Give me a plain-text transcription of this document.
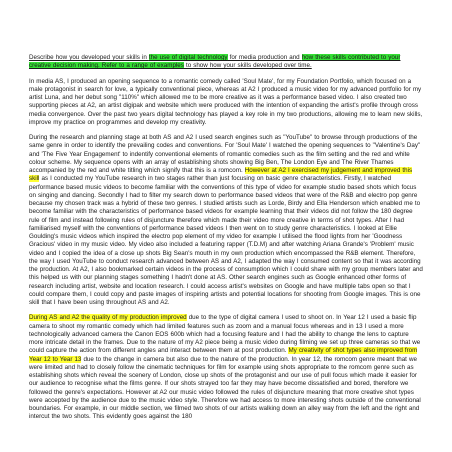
Describe how you developed your skills in the use of digital technology for media production and how these skills contributed to your creative decision making. Refer to a range of examples to show how your skills developed over time.

In media AS, I produced an opening sequence to a romantic comedy called 'Soul Mate', for my Foundation Portfolio, which focused on a male protagonist in search for love, a typically conventional piece, whereas at A2 I produced a music video for my advanced portfolio for my artist Luna, and her debut song "110%" which allowed me to be more creative as it was a performance based video. I also created two supporting pieces at A2, an artist digipak and website which were produced with the intention of expanding the artist's profile through cross media convergence. Over the past two years digital technology has played a key role in my two productions, allowing me to learn new skills, improve my practice on programmes and develop my creativity.

During the research and planning stage at both AS and A2 I used search engines such as "YouTube" to browse through productions of the same genre in order to identify the prevailing codes and conventions. For 'Soul Mate' I watched the opening sequences to "Valentine's Day" and 'The Five Year Engagement' to indentify conventional elements of romantic comedies such as the film setting and the red and white colour scheme. My sequence opens with an array of establishing shots showing Big Ben, The London Eye and The River Thames accompanied by the red and white titling which signify that this is a romcom. However at A2 I exercised my judgement and improved this skill as I conducted my YouTube research in two stages rather than just focusing on basic genre characteristics. Firstly, I watched performance based music videos to become familiar with the conventions of this type of video for example studio based shots which focus on singing and dancing. Secondly I had to filter my search down to performance based videos that were of the R&B and electro pop genre because my chosen track was a hybrid of these two genres. I studied artists such as Lorde, Birdy and Ella Henderson which enabled me to become familiar with the characteristics of performance based videos for example learning that their videos did not follow the 180 degree rule of film and instead following rules of disjuncture therefore which made their video more creative in terms of shot types. After I had familiarised myself with the conventions of performance based videos I then went on to study genre characteristics. I looked at Ellie Goulding's music videos which inspired the electro pop element of my video for example I utilised the flood lights from her 'Goodness Gracious' video in my music video. My video also included a featuring rapper (T.D.M) and after watching Ariana Grande's 'Problem' music video and I copied the idea of a close up shots Big Sean's mouth in my own production which encompassed the R&B element. Therefore, the way I used YouTube to conduct research advanced between AS and A2, I adapted the way I consumed content so that it was according the production. At A2, I also bookmarked certain videos in the process of consumption which I could share with my group members later and this helped us with our planning stages something I hadn't done at AS. Other search engines such as Google enhanced other forms of research including artist, website and location research. I could access artist's websites on Google and have multiple tabs open so that I could compare them, I could copy and paste images of inspiring artists and potential locations for shooting from Google images. This is one skill that I have been using throughout AS and A2.

During AS and A2 the quality of my production improved due to the type of digital camera I used to shoot on. In Year 12 I used a basic flip camera to shoot my romantic comedy which had limited features such as zoom and a manual focus whereas and in 13 I used a more technologically advanced camera the Canon EOS 600b which had a focusing feature and I had the ability to change the lens to capture more intricate detail in the frames. Due to the nature of my A2 piece being a music video during filming we set up three cameras so that we could capture the action from different angles and interact between them at post production. My creativity of shot types also improved from Year 12 to Year 13 due to the change in camera but also due to the nature of the production. In year 12, the romcom genre meant that we were limited and had to closely follow the cinematic techniques for film for example using shots appropriate to the romcom genre such as establishing shots which reveal the scenery of London, close up shots of the protagonist and our use of pull focus which made it easier for our audience to recognise what the films genre. If our shots strayed too far they may have become dissatisfied and bored, therefore we followed the genre's expectations. However at A2 our music video followed the rules of disjuncture meaning that more creative shot types were accepted by the audience due to the music video style. Therefore we had access to more interesting shots outside of the conventional boundaries. For example, in our middle section, we filmed two shots of our artists walking down an alley way from the left and the right and intercut the two shots. This evidently goes against the 180
